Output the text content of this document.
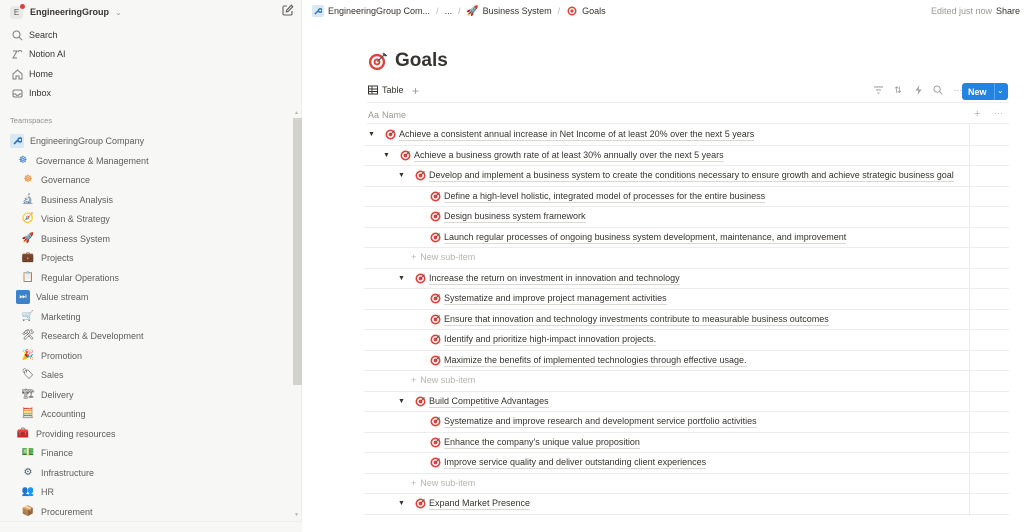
E EngineeringGroup ⌄
Search
Notion AI
Home
Inbox
Teamspaces
EngineeringGroup Company
☸ Governance & Management
☸ Governance
🔬 Business Analysis
🧭 Vision & Strategy
🚀 Business System
💼 Projects
📋 Regular Operations
⏭	Value stream
🛒 Marketing
🛠 Research & Development
🎉 Promotion
🏷 Sales
🏗 Delivery
🧮 Accounting
🧰 Providing resources
💵 Finance
⚙ Infrastructure
👥 HR
📦 Procurement
▲
▼
EngineeringGroup Com... / ... / 🚀 Business System / Goals	Edited just now Share
Goals
Table +	⇅	··· New ⌄
Aa Name	+ ···
▼	Achieve a consistent annual increase in Net Income of at least 20% over the next 5 years
▼	Achieve a business growth rate of at least 30% annually over the next 5 years
▼	Develop and implement a business system to create the conditions necessary to ensure growth and achieve strategic business goal
Define a high-level holistic, integrated model of processes for the entire business
Design business system framework
Launch regular processes of ongoing business system development, maintenance, and improvement
+ New sub-item
▼	Increase the return on investment in innovation and technology
Systematize and improve project management activities
Ensure that innovation and technology investments contribute to measurable business outcomes
Identify and prioritize high-impact innovation projects.
Maximize the benefits of implemented technologies through effective usage.
+ New sub-item
▼	Build Competitive Advantages
Systematize and improve research and development service portfolio activities
Enhance the company's unique value proposition
Improve service quality and deliver outstanding client experiences
+ New sub-item
▼	Expand Market Presence
